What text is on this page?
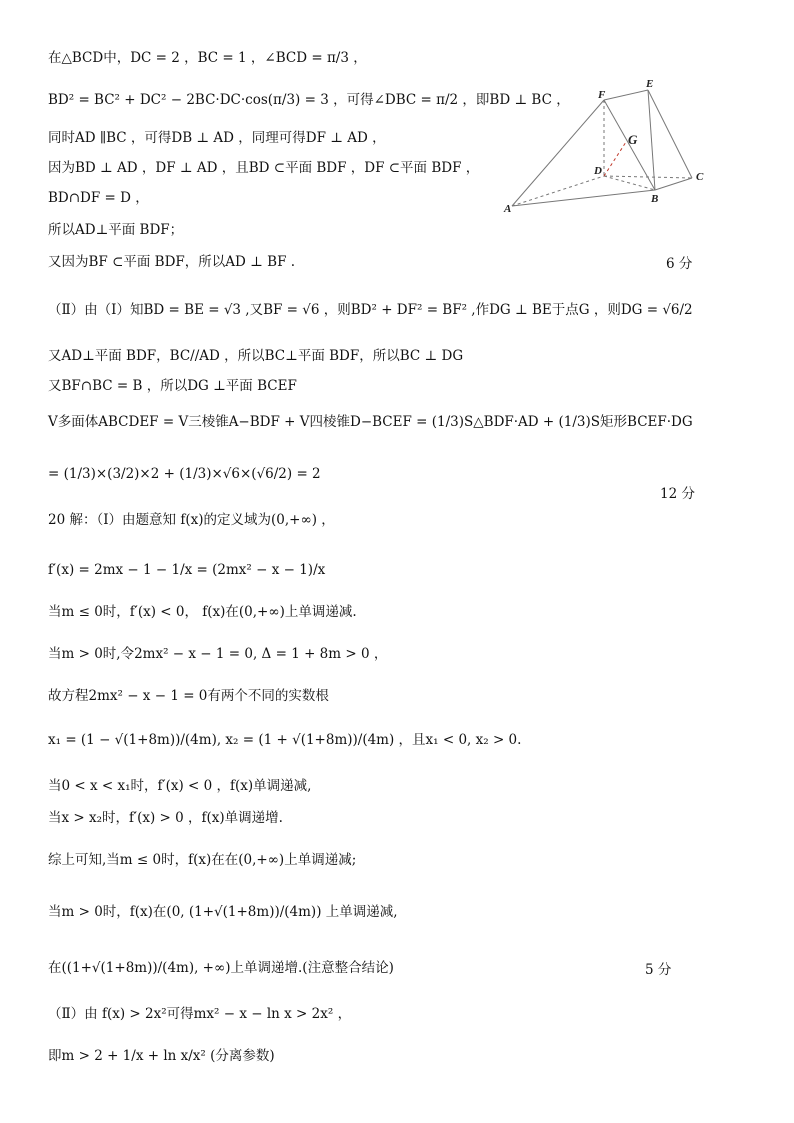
在△BCD中，DC = 2 ，BC = 1 ，∠BCD = π/3 ，
BD² = BC² + DC² − 2BC·DC·cos(π/3) = 3 ，可得∠DBC = π/2 ，即BD ⊥ BC ，
同时AD ∥BC ，可得DB ⊥ AD ，同理可得DF ⊥ AD ，
因为BD ⊥ AD ，DF ⊥ AD ，且BD ⊂平面 BDF ，DF ⊂平面 BDF ，
BD∩DF = D ，
所以AD⊥平面 BDF；
又因为BF ⊂平面 BDF，所以AD ⊥ BF .	6 分
（Ⅱ）由（Ⅰ）知BD = BE = √3 ,又BF = √6 ，则BD² + DF² = BF² ,作DG ⊥ BE于点G ，则DG = √6/2
又AD⊥平面 BDF，BC//AD ，所以BC⊥平面 BDF，所以BC ⊥ DG
又BF∩BC = B ，所以DG ⊥平面 BCEF
V多面体ABCDEF = V三棱锥A−BDF + V四棱锥D−BCEF = (1/3)S△BDF·AD + (1/3)S矩形BCEF·DG
= (1/3)×(3/2)×2 + (1/3)×√6×(√6/2) = 2
12 分
20 解：（Ⅰ）由题意知 f(x)的定义域为(0,+∞) ，
f′(x) = 2mx − 1 − 1/x = (2mx² − x − 1)/x
当m ≤ 0时，f′(x) < 0， f(x)在(0,+∞)上单调递减.
当m > 0时,令2mx² − x − 1 = 0, Δ = 1 + 8m > 0 ，
故方程2mx² − x − 1 = 0有两个不同的实数根
x₁ = (1 − √(1+8m))/(4m), x₂ = (1 + √(1+8m))/(4m) ，且x₁ < 0, x₂ > 0.
当0 < x < x₁时，f′(x) < 0 ，f(x)单调递减,
当x > x₂时，f′(x) > 0 ，f(x)单调递增.
综上可知,当m ≤ 0时，f(x)在在(0,+∞)上单调递减;
当m > 0时，f(x)在(0, (1+√(1+8m))/(4m)) 上单调递减,
在((1+√(1+8m))/(4m), +∞)上单调递增.(注意整合结论)	5 分
（Ⅱ）由 f(x) > 2x²可得mx² − x − ln x > 2x² ，
即m > 2 + 1/x + ln x/x² (分离参数)
F
E
G
D	C
A
B
